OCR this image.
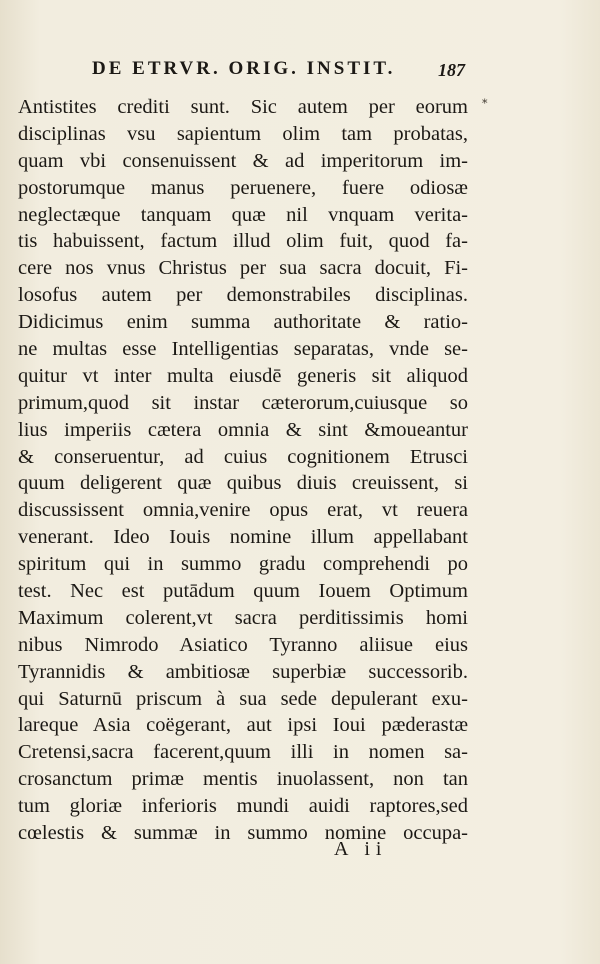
DE ETRVR. ORIG. INSTIT. 187
*
Antistites crediti sunt. Sic autem per eorum
disciplinas vsu sapientum olim tam probatas,
quam vbi consenuissent & ad imperitorum im-
postorumque manus peruenere, fuere odiosæ
neglectæque tanquam quæ nil vnquam verita-
tis habuissent, factum illud olim fuit, quod fa-
cere nos vnus Christus per sua sacra docuit, Fi-
losofus autem per demonstrabiles disciplinas.
Didicimus enim summa authoritate & ratio-
ne multas esse Intelligentias separatas, vnde se-
quitur vt inter multa eiusdē generis sit aliquod
primum,quod sit instar cæterorum,cuiusque so
lius imperiis cætera omnia & sint &moueantur
& conseruentur, ad cuius cognitionem Etrusci
quum deligerent quæ quibus diuis creuissent, si
discussissent omnia,venire opus erat, vt reuera
venerant. Ideo Iouis nomine illum appellabant
spiritum qui in summo gradu comprehendi po
test. Nec est putādum quum Iouem Optimum
Maximum colerent,vt sacra perditissimis homi
nibus Nimrodo Asiatico Tyranno aliisue eius
Tyrannidis & ambitiosæ superbiæ successorib.
qui Saturnū priscum à sua sede depulerant exu-
lareque Asia coëgerant, aut ipsi Ioui pæderastæ
Cretensi,sacra facerent,quum illi in nomen sa-
crosanctum primæ mentis inuolassent, non tan
tum gloriæ inferioris mundi auidi raptores,sed
cœlestis & summæ in summo nomine occupa-
A ii
